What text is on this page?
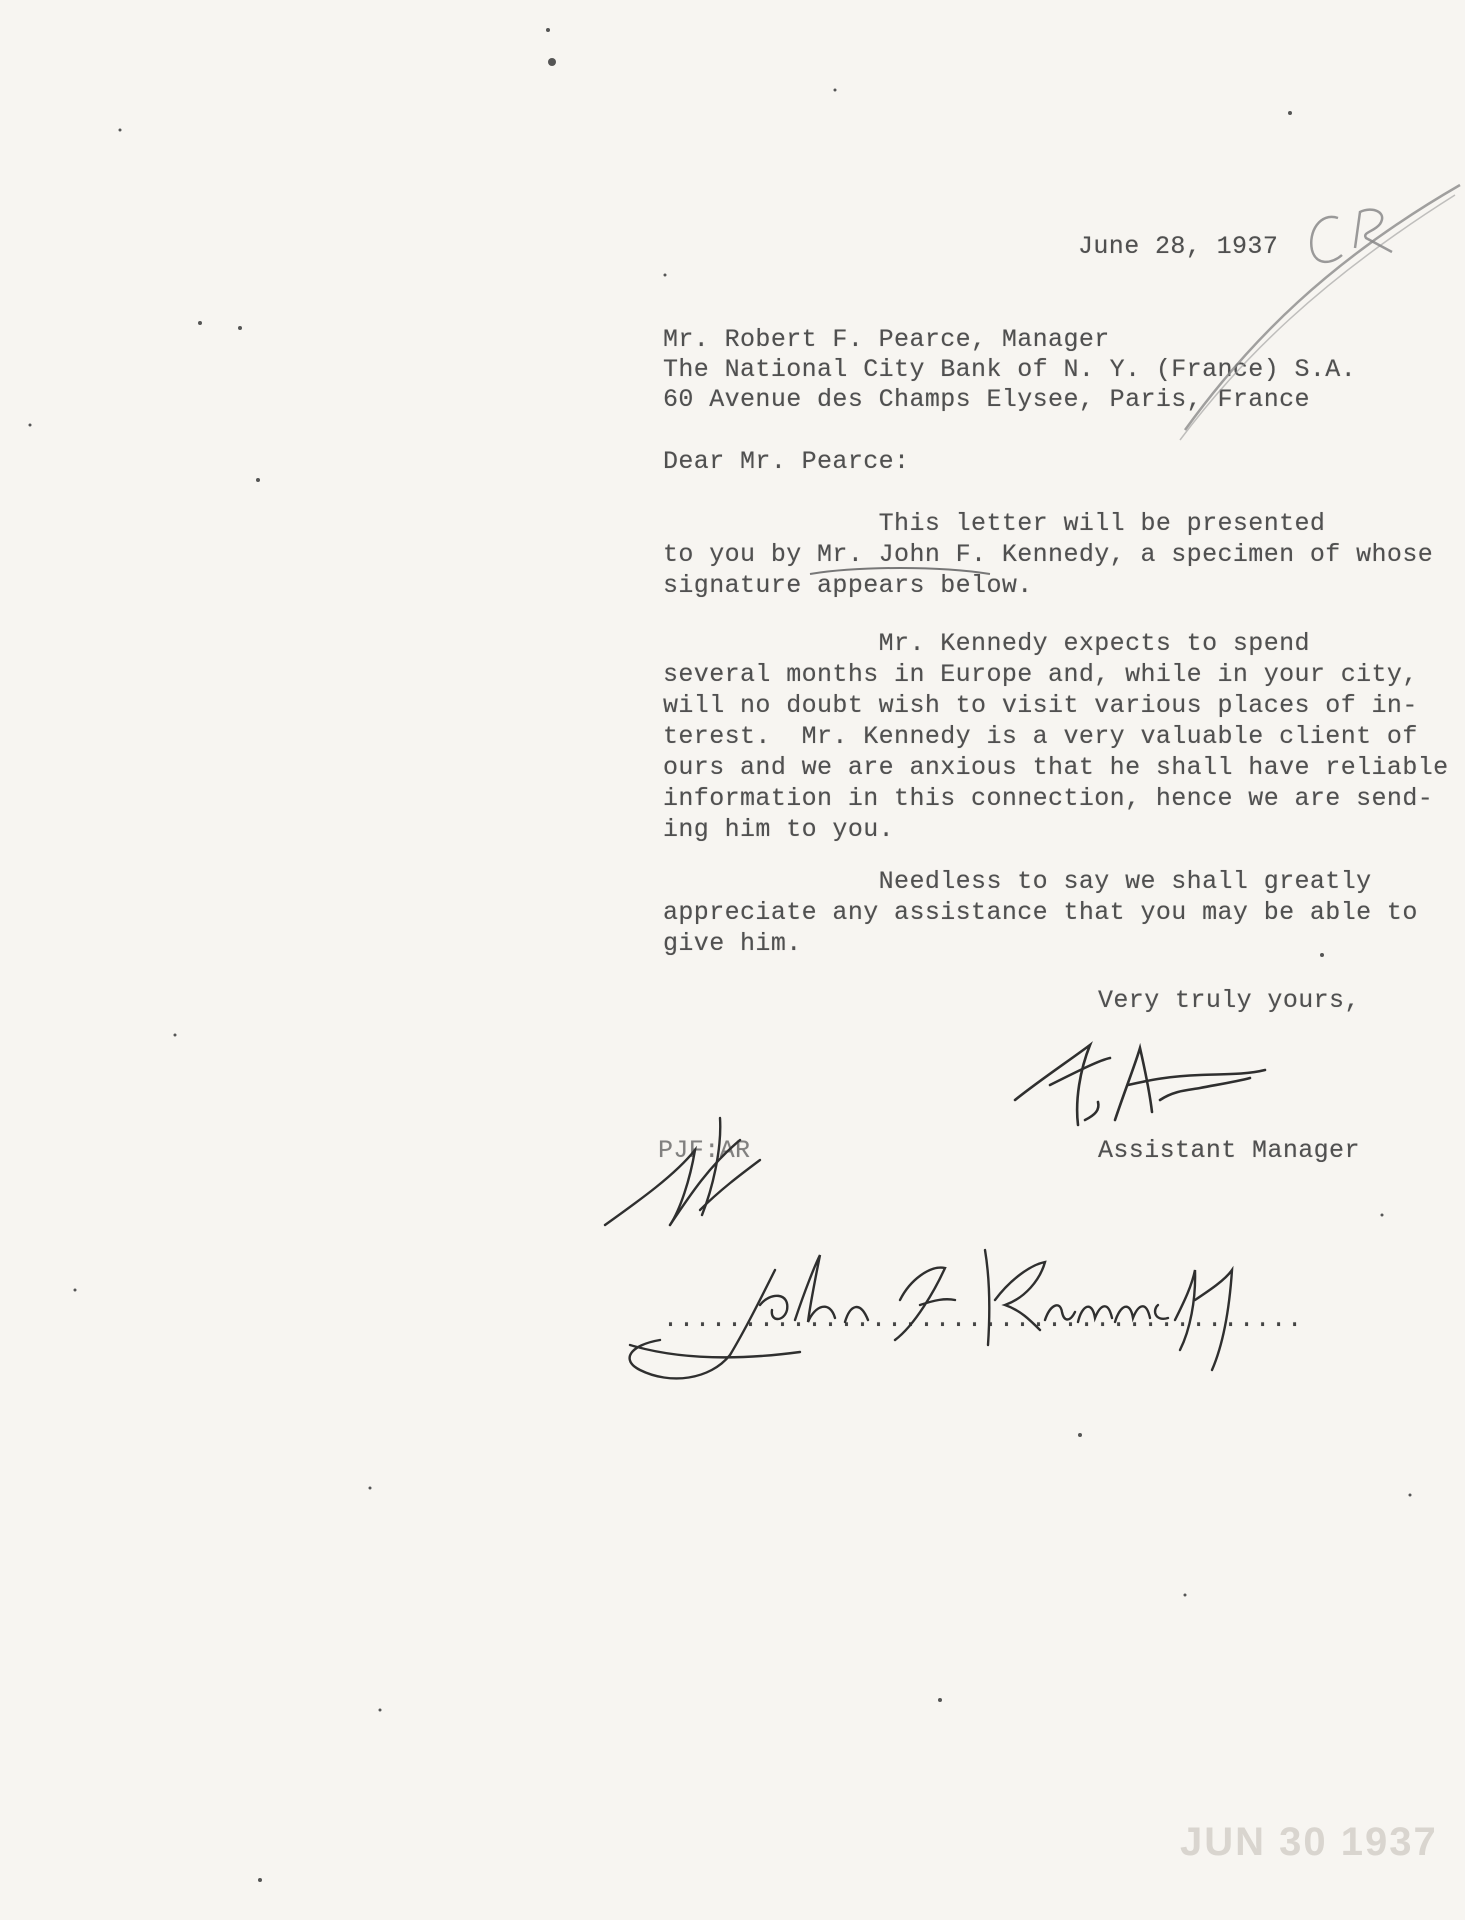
June 28, 1937
Mr. Robert F. Pearce, Manager
The National City Bank of N. Y. (France) S.A.
60 Avenue des Champs Elysee, Paris, France
Dear Mr. Pearce:
This letter will be presented
to you by Mr. John F. Kennedy, a specimen of whose
signature appears below.
Mr. Kennedy expects to spend
several months in Europe and, while in your city,
will no doubt wish to visit various places of in-
terest.  Mr. Kennedy is a very valuable client of
ours and we are anxious that he shall have reliable
information in this connection, hence we are send-
ing him to you.
Needless to say we shall greatly
appreciate any assistance that you may be able to
give him.
Very truly yours,
Assistant Manager
PJF:AR
........................................
JUN 30 1937
